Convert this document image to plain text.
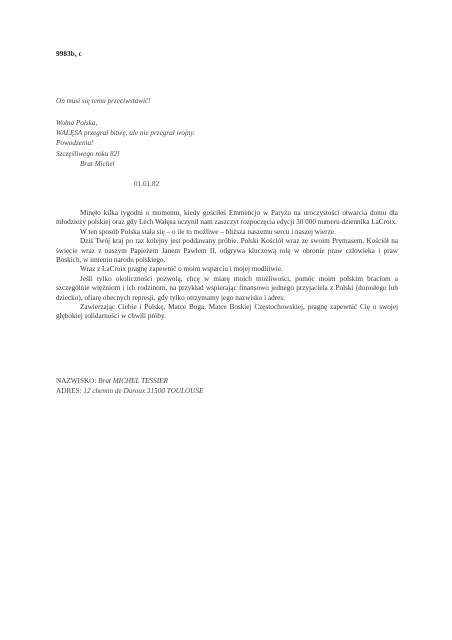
9983b, c
On musi się temu przeciwstawić!
Wolna Polska,
WAŁĘSA przegrał bitwę, ale nie przegrał wojny.
Powodzenia!
Szczęśliwego roku 82!
Brat Michel
01.01.82

Minęło kilka tygodni o momentu, kiedy gościłeś Emmencjo w Paryżu na uroczystości otwarcia domu dla młodzieży polskiej oraz gdy Lech Wałęsa uczynił nam zaszczyt rozpoczęcia edycji 30 000 numeru dziennika LaCroix.

W ten sposób Polska stała się – o ile to możliwe – bliższa naszemu sercu i naszej wierze.

Dziś Twój kraj po raz kolejny jest poddawany próbie. Polski Kościół wraz ze swoim Prymasem, Kościół na świecie wraz z naszym Papieżem Janem Pawłem II, odgrywa kluczową rolę w obronie praw człowieka i praw Boskich, w imieniu narodu polskiego.

Wraz z LaCroix pragnę zapewnić o moim wsparciu i mojej modlitwie.

Jeśli tylko okoliczności pozwolą, chcę w miarę moich możliwości, pomóc moim polskim braciom a szczególnie więźniom i ich rodzinom, na przykład wspierając finansowo jednego przyjaciela z Polski (dorosłego lub dziecko), ofiarę obecnych represji, gdy tylko otrzymamy jego nazwisko i adres.

Zawierzając Ciebie i Polskę, Matce Boga, Matce Boskiej Częstochowskiej, pragnę zapewnić Cię o swojej głębokiej solidarności w chwili próby.

NAZWISKO: Brat MICHEL TESSIER
ADRES: 12 chemin de Duroux 31500 TOULOUSE
